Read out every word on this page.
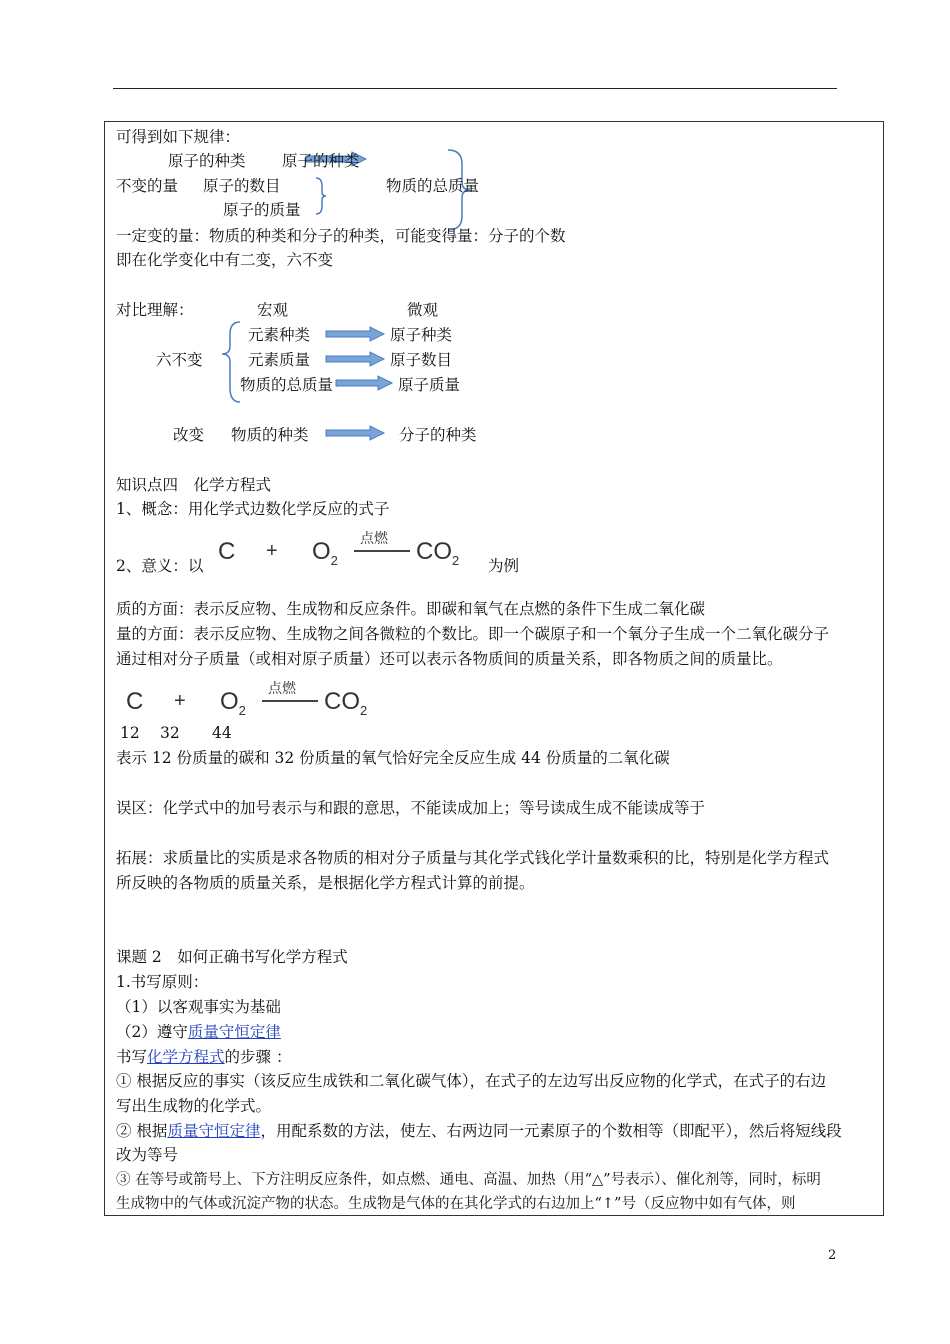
可得到如下规律：
原子的种类 原子的种类
不变的量 原子的数目	物质的总质量
原子的质量
一定变的量：物质的种类和分子的种类，可能变得量：分子的个数
即在化学变化中有二变，六不变
对比理解：	宏观	微观
元素种类	原子种类
六不变	元素质量	原子数目
物质的总质量	原子质量
改变 物质的种类	分子的种类
知识点四　化学方程式
1、概念：用化学式边数化学反应的式子
2、意义：以	为例
$C + O_2$
点燃 $CO_2$
质的方面：表示反应物、生成物和反应条件。即碳和氧气在点燃的条件下生成二氧化碳
量的方面：表示反应物、生成物之间各微粒的个数比。即一个碳原子和一个氧分子生成一个二氧化碳分子
通过相对分子质量（或相对原子质量）还可以表示各物质间的质量关系，即各物质之间的质量比。
$C + O_2$
点燃 $CO_2$
12 32 44
表示 12 份质量的碳和 32 份质量的氧气恰好完全反应生成 44 份质量的二氧化碳
误区：化学式中的加号表示与和跟的意思，不能读成加上；等号读成生成不能读成等于
拓展：求质量比的实质是求各物质的相对分子质量与其化学式钱化学计量数乘积的比，特别是化学方程式
所反映的各物质的质量关系，是根据化学方程式计算的前提。
课题 2　如何正确书写化学方程式
1.书写原则：
（1）以客观事实为基础
（2）遵守质量守恒定律
书写化学方程式的步骤 ：
① 根据反应的事实（该反应生成铁和二氧化碳气体），在式子的左边写出反应物的化学式，在式子的右边
写出生成物的化学式。
② 根据质量守恒定律，用配系数的方法，使左、右两边同一元素原子的个数相等（即配平），然后将短线段
改为等号
③ 在等号或箭号上、下方注明反应条件，如点燃、通电、高温、加热（用“△”号表示）、催化剂等，同时，标明
生成物中的气体或沉淀产物的状态。生成物是气体的在其化学式的右边加上“↑”号（反应物中如有气体，则
2
